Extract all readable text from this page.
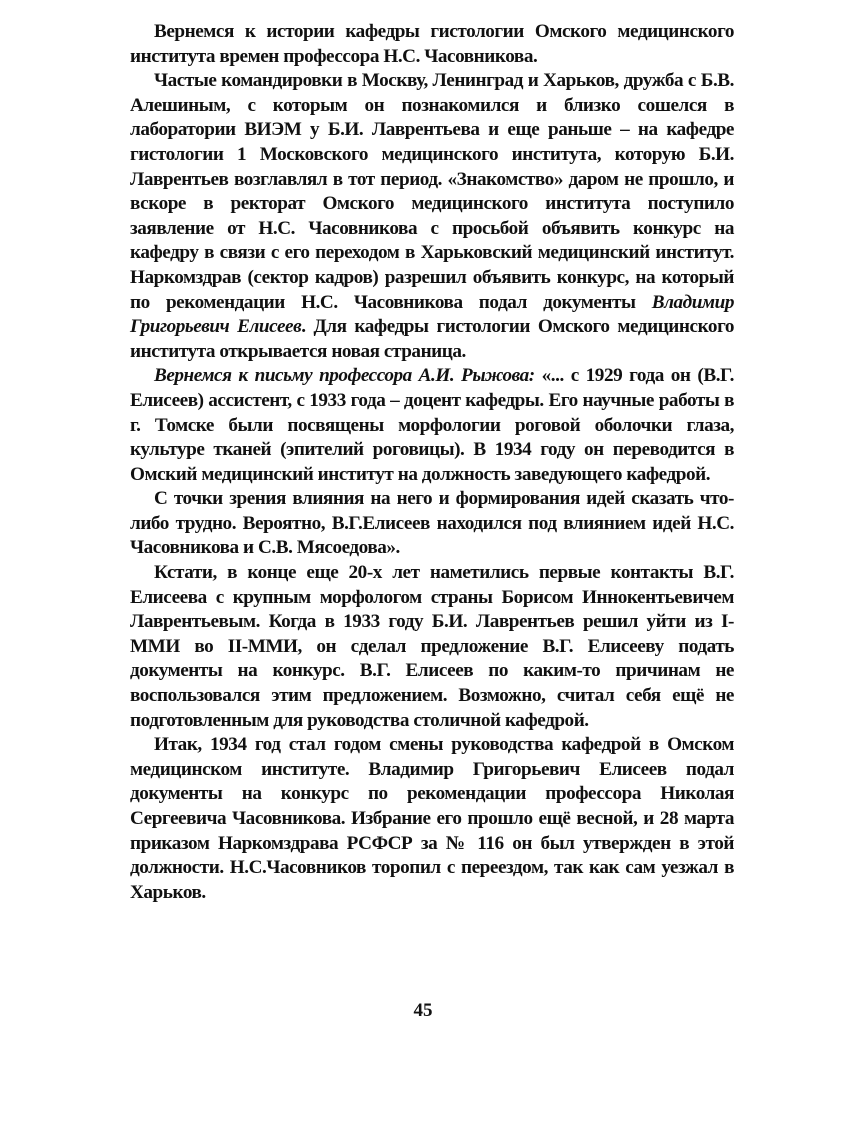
Вернемся к истории кафедры гистологии Омского медицинского института времен профессора Н.С. Часовникова.

Частые командировки в Москву, Ленинград и Харьков, дружба с Б.В. Алешиным, с которым он познакомился и близко сошелся в лаборатории ВИЭМ у Б.И. Лаврентьева и еще раньше – на кафедре гистологии 1 Московского медицинского института, которую Б.И. Лаврентьев возглавлял в тот период. «Знакомство» даром не прошло, и вскоре в ректорат Омского медицинского института поступило заявление от Н.С. Часовникова с просьбой объявить конкурс на кафедру в связи с его переходом в Харьковский медицинский институт. Наркомздрав (сектор кадров) разрешил объявить конкурс, на который по рекомендации Н.С. Часовникова подал документы Владимир Григорьевич Елисеев. Для кафедры гистологии Омского медицинского института открывается новая страница.

Вернемся к письму профессора А.И. Рыжова: «... с 1929 года он (В.Г. Елисеев) ассистент, с 1933 года – доцент кафедры. Его научные работы в г. Томске были посвящены морфологии роговой оболочки глаза, культуре тканей (эпителий роговицы). В 1934 году он переводится в Омский медицинский институт на должность заведующего кафедрой.

С точки зрения влияния на него и формирования идей сказать что-либо трудно. Вероятно, В.Г.Елисеев находился под влиянием идей Н.С. Часовникова и С.В. Мясоедова».

Кстати, в конце еще 20-х лет наметились первые контакты В.Г. Елисеева с крупным морфологом страны Борисом Иннокентьевичем Лаврентьевым. Когда в 1933 году Б.И. Лаврентьев решил уйти из I-ММИ во II-ММИ, он сделал предложение В.Г. Елисееву подать документы на конкурс. В.Г. Елисеев по каким-то причинам не воспользовался этим предложением. Возможно, считал себя ещё не подготовленным для руководства столичной кафедрой.

Итак, 1934 год стал годом смены руководства кафедрой в Омском медицинском институте. Владимир Григорьевич Елисеев подал документы на конкурс по рекомендации профессора Николая Сергеевича Часовникова. Избрание его прошло ещё весной, и 28 марта приказом Наркомздрава РСФСР за № 116 он был утвержден в этой должности. Н.С.Часовников торопил с переездом, так как сам уезжал в Харьков.

45
